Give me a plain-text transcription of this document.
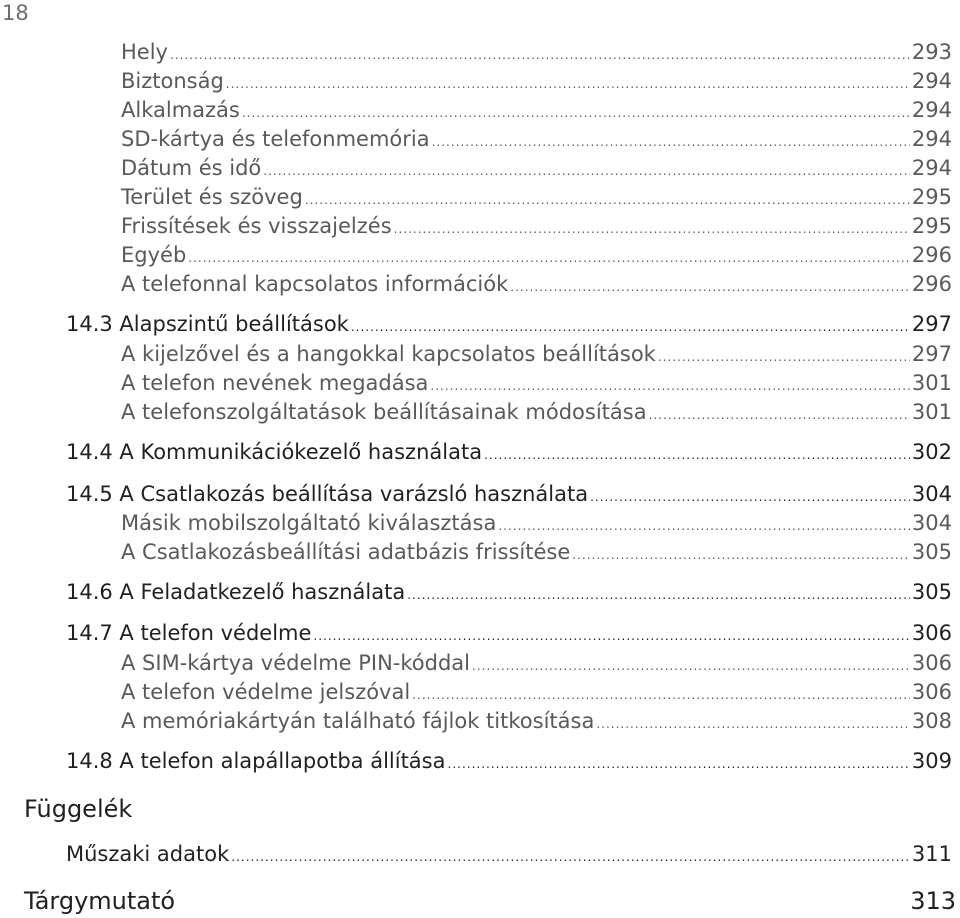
18
Hely .....	293
Biztonság .....	294
Alkalmazás .....	294
SD-kártya és telefonmemória .....	294
Dátum és idő .....	294
Terület és szöveg .....	295
Frissítések és visszajelzés .....	295
Egyéb .....	296
A telefonnal kapcsolatos információk .....	296
14.3 Alapszintű beállítások .....	297
A kijelzővel és a hangokkal kapcsolatos beállítások .....	297
A telefon nevének megadása .....	301
A telefonszolgáltatások beállításainak módosítása .....	301
14.4 A Kommunikációkezelő használata .....	302
14.5 A Csatlakozás beállítása varázsló használata .....	304
Másik mobilszolgáltató kiválasztása .....	304
A Csatlakozásbeállítási adatbázis frissítése .....	305
14.6 A Feladatkezelő használata .....	305
14.7 A telefon védelme .....	306
A SIM-kártya védelme PIN-kóddal .....	306
A telefon védelme jelszóval .....	306
A memóriakártyán található fájlok titkosítása .....	308
14.8 A telefon alapállapotba állítása .....	309
Függelék
Műszaki adatok .....	311
Tárgymutató	313
